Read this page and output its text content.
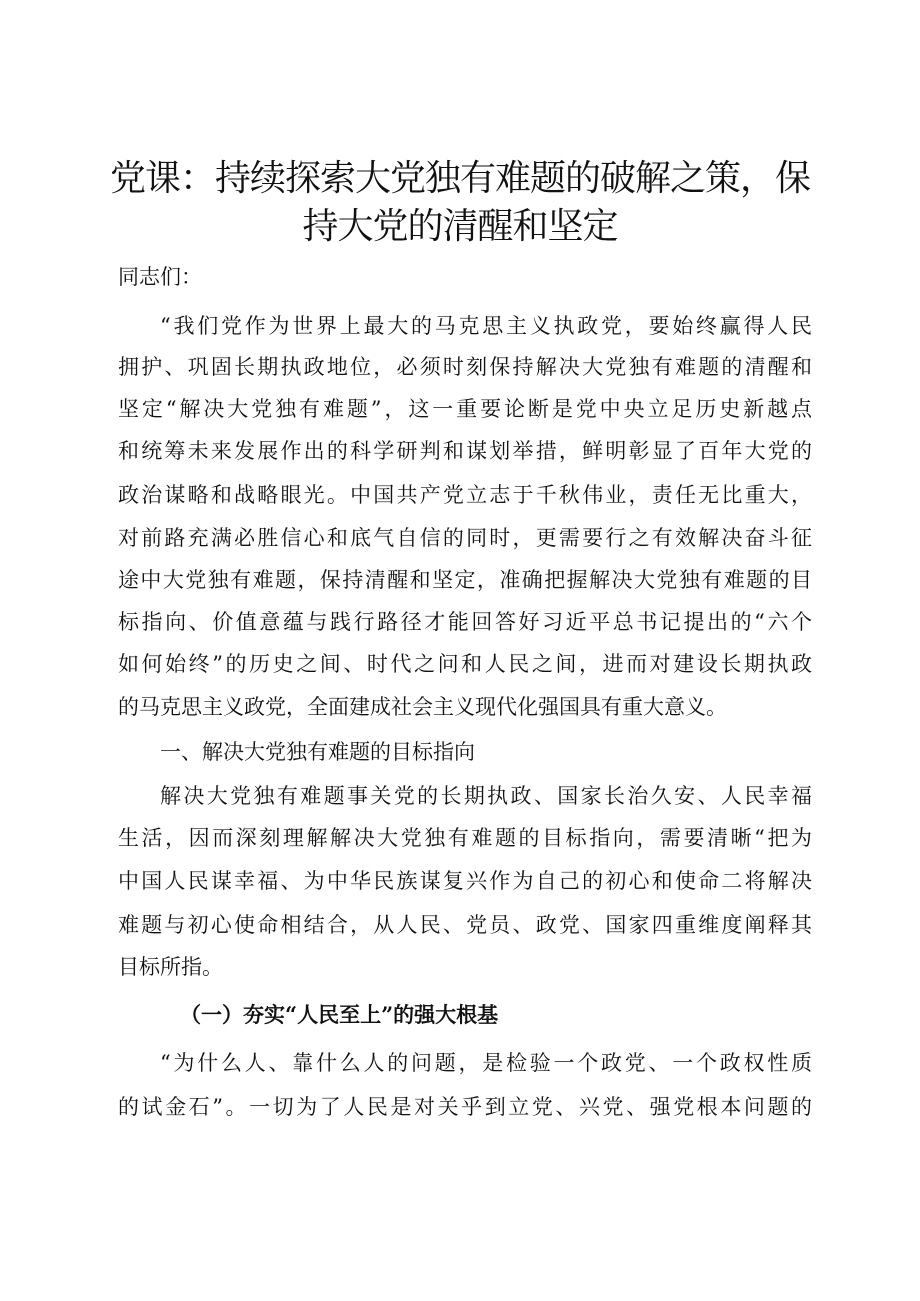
党课：持续探索大党独有难题的破解之策，保
持大党的清醒和坚定
同志们：
“我们党作为世界上最大的马克思主义执政党，要始终赢得人民
拥护、巩固长期执政地位，必须时刻保持解决大党独有难题的清醒和
坚定“解决大党独有难题”，这一重要论断是党中央立足历史新越点
和统筹未来发展作出的科学研判和谋划举措，鲜明彰显了百年大党的
政治谋略和战略眼光。中国共产党立志于千秋伟业，责任无比重大，
对前路充满必胜信心和底气自信的同时，更需要行之有效解决奋斗征
途中大党独有难题，保持清醒和坚定，准确把握解决大党独有难题的目
标指向、价值意蕴与践行路径才能回答好习近平总书记提出的“六个
如何始终”的历史之间、时代之问和人民之间，进而对建设长期执政
的马克思主义政党，全面建成社会主义现代化强国具有重大意义。
一、解决大党独有难题的目标指向
解决大党独有难题事关党的长期执政、国家长治久安、人民幸福
生活，因而深刻理解解决大党独有难题的目标指向，需要清晰“把为
中国人民谋幸福、为中华民族谋复兴作为自己的初心和使命二将解决
难题与初心使命相结合，从人民、党员、政党、国家四重维度阐释其
目标所指。
（一）夯实“人民至上”的强大根基
“为什么人、靠什么人的问题，是检验一个政党、一个政权性质
的试金石”。一切为了人民是对关乎到立党、兴党、强党根本问题的
